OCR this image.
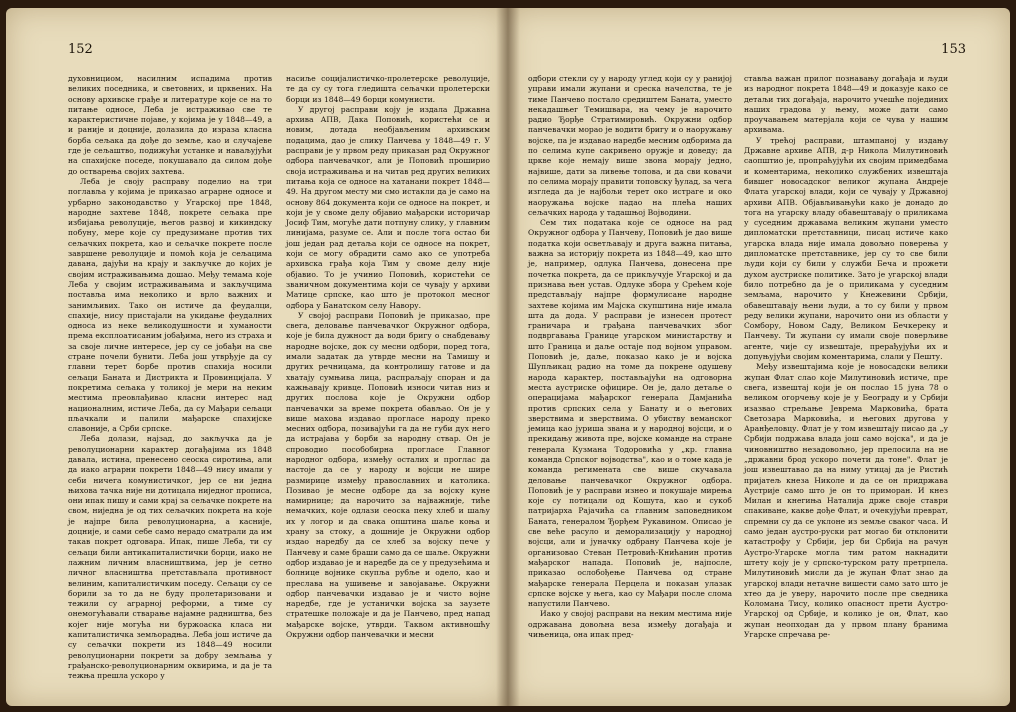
152

духовнициом, насилним испадима против великих поседника, и световних, и црквених. На основу архивске грађе и литературе које се на то питање односе, Леба је истраживао све те карактеристичне појаве, у којима је у 1848—49, а и раније и доцније, долазила до израза класна борба сељака да дође до земље, као и случајеве где је сељаштво, подижући устанке и наваљујући на спахијске поседе, покушавало да силом дође до остварења својих захтева.

Леба је своју расправу поделио на три поглавља у којима је приказао аграрне односе и урбарно законодавство у Угарској пре 1848, народне захтеве 1848, покрете сељака пре избијања револуције, његов развој и кикиндску побуну, мере које су предузимане против тих сељачких покрета, као и сељачке покрете после завршене револуције и помоћ која је сељацима давана, дајући на крају и закључке до којих је својим истраживањима дошао. Међу темама које Леба у својим истраживањима и закључцима поставља има неколико и врло важних и занимљивих. Тако он истиче да феудалци, спахије, нису пристајали на укидање феудалних односа из неке великодушности и хуманости према експлоатисаним јобађима, него из страха и за своје личне интересе, јер су се јобађи на све стране почели бунити. Леба још утврђује да су главни терет борбе против спахија носили сељаци Баната и Дистрикта и Провинцијала. У покретима сељака у толикој је мери на неким местима преовлађивао класни интерес над националним, истиче Леба, да су Мађари сељаци пљачкали и палили мађарске спахијске славоније, а Срби српске.

Леба долази, најзад, до закључка да је револуционарни карактер догађајима из 1848 давала, истина, пренесено сеоска сиротиња, али да иако аграрни покрети 1848—49 нису имали у себи ничега комунистичког, јер се ни једна њихова тачка није ни дотицала ниједног прописа, они ипак пишу и сами крај за сељачке покрете на свом, ниједна је од тих сељачких покрета на које је најпре била револуционарна, а касније, доцније, и сами себе само нерадо сматрали да им такав покрет одговара. Ипак, пише Леба, ти су сељаци били антикапиталистички борци, иако не лажним личним власништвима, јер је сетно личног власништва претстављала противност велиним, капиталистичким поседу. Сељаци су се борили за то да не буду пролетаризовани и тежили су аграрној реформи, а тиме су онемогућавали стварање најамне радништва, без којег није могућа ни буржоаска класа ни капиталистичка земљорадња. Леба још истиче да су сељачки покрети из 1848—49 носили револуционарни покрети за добру земљања у грађанско-револуционарним оквирима, и да је та тежња прешла ускоро у

насиље социјалистичко-пролетерске револуције, те да су су тога гледишта сељачки пролетерски борци из 1848—49 борци комунисти.

У другој расправи коју је издала Државна архива АПВ, Дака Поповић, користећи се и новим, дотада необјављеним архивским подацима, дао је слику Панчева у 1848—49 г. У расправи је у првом реду приказан рад Окружног одбора панчевачког, али је Поповић проширио своја истраживања и на читав ред других великих питања која се односе на хатанани покрет 1848—49. На другом месту ми смо истакли да је само на основу 864 документа који се односе на покрет, и који је у своме делу објавио мађарски историчар Јосиф Тим, могуће дати потпуну слику, у главним линијама, разуме се. Али и после тога остао би још један рад детаља који се односе на покрет, који се могу обрадити само ако се употреба архивска грађа која Тим у своме делу није објавио. То је учинио Поповић, користећи се званичном документима који се чувају у архиви Матице српске, као што је протокол месног одбора у Банатском селу Навору.

У својој расправи Поповић је приказао, пре свега, деловање панчевачког Окружног одбора, које је била дужност да води бригу о снабдевању народне војске, док су месни одбори, поред тога, имали задатак да утврде месни на Тамишу и других речницама, да контролишу гатове и да хватају сумњива лица, распраљају споран и да кажњавају кривце. Поповић износи читав низ и других послова које је Окружни одбор панчевачки за време покрета обављао. Он је у више махова издавао прогласе народу преко месних одбора, позивајући га да не губи дух него да истрајава у борби за народну ствар. Он је спроводио пособобирна прогласе Главног народног одбора, између осталих и проглас да настоје да се у народу и војсци не шире размирице између православних и католика. Позивао је месне одборе да за војску куне намирнице; да нарочито за најважније, тиће немачких, које одлази сеоска пеку хлеб и шаљу их у логор и да свака општина шаље коња и храну за стоку, а дошније је Окружни одбор издао наредбу да се хлеб за војску пече у Панчеву и саме браши само да се шаље. Окружни одбор издавао је и наредбе да се у предузећима и болнице војнике скупља рубље и одело, као и преслава на ушивење и завојавање. Окружни одбор панчевачки издавао је и чисто војне наредбе, где је устанички војска за заузете стратешке положаје и да је Панчево, пред напад мађарске војске, утврди. Таквом активношћу Окружни одбор панчевачки и месни

153

одбори стекли су у народу углед који су у ранијој управи имали жупани и среска начелства, те је тиме Панчево постало средиштем Баната, уместо некадашњег Темишвара, на чему је нарочито радио Ђорђе Стратимировић. Окружни одбор панчевачки морао је водити бригу и о наоружању војске, па је издавао наредбе месним одборима да по селима купе сакривено оружје и доведу; да цркве које немају више звона морају једно, највише, дати за ливење топова, и да сви ковачи по селима морају правити топовску ђулад, за чега изгледа да је најбољи терет око истраге и око наоружања војске падао на плећа наших сељачких народа у тадашњој Војводини.

Сем тих података које се односе на рад Окружног одбора у Панчеву, Поповић је дао више податка који осветљавају и друга важна питања, важна за историју покрета из 1848—49, као што је, например, одлука Панчева, донесена пре почетка покрета, да се прикључује Угарској и да признава њен устав. Одлуке збора у Срећем које представљају најпре формулисане народне захтеве којима им Мајска скупштина није имала шта да дода. У расправи је изнесен протест граничара и грађана панчевачких због подвргавања Границе угарском министарству и што Граница и даље остаје под војном управом. Поповић је, даље, показао како је и војска Шупљикац радио на томе да покрене одушеву народа карактер, постављајући на одговорна места аустриске официре. Он је, дало детаље о операцијама мађарског генерала Дамјанића против српских села у Банату и о његових зверствима и зверствима. О убиству веманског јемица као јуриша звана и у народној војсци, и о прекидању живота пре, војске команде на стране генерала Кузмана Тодоровића у „кр. главна команда Српског војводства", као и о томе када је команда регимената све више скучавала деловање панчевачког Окружног одбора. Поповић је у расправи изнео и покушаје мирења које су потицали од Кошута, као и сукоб патријарха Рајачића са главним заповедником Баната, генералом Ђорђем Рукавином. Описао је све веће расуло и деморализацију у народној војсци, али и јуначку одбрану Панчева које је организовао Стеван Петровић-Книћанин против мађарског напада. Поповић је, најпосле, приказао ослобођење Панчева од стране мађарске генерала Перцела и показан улазак српске војске у њега, као су Мађари после слома напустили Панчево.

Иако у својој расправи на неким местима није одржавана довољна веза између догађаја и чињеница, она ипак пред-

ставља важан прилог познавању догађаја и људи из народног покрета 1848—49 и доказује како се детаљи тих догађаја, нарочито учешће појединих наших градова у њему, може дати само проучавањем матерјала који се чува у нашим архивама.

У трећој расправи, штампаној у издању Државне архиве АПВ, д-р Никола Милутиновић саопштио је, пропраћујући их својим примедбама и коментарима, неколико службених извештаја бившег новосадског великог жупана Андреје Флата угарској влади, који се чувају у Државној архиви АПВ. Објављивањући како је донадо до тога на угарску владу обавештавају о приликама у суседним државама великим жупани уместо дипломатски претставници, писац истиче како угарска влада није имала довољно поверења у дипломатске претставнике, јер су то све били људи који су били у служби Беча и прожети духом аустриске политике. Зато је угарској влади било потребно да је о приликама у суседним земљама, нарочито у Кнежевини Србији, обавештавају њени људи, а то су били у првом реду велики жупани, нарочито они из области у Сомбору, Новом Саду, Великом Бечкереку и Панчеву. Ти жупани су имали своје поверљиве агенте, чије су извештаје, прерађујући их и допуњујући својим коментарима, слали у Пешту.

Међу извештајима које је новосадски велики жупан Флат слао које Милутиновић истиче, пре свега, извештај који је он послао 15 јуна 78 о великом огорчењу које је у Београду и у Србији изазвао стрељање Јеврема Марковића, брата Светозара Марковића, и његових другова у Аранђеловцу. Флат је у том извештају писао да „у Србији подржава влада још само војска", и да је чиновништво незадовољно, јер прелосила на не „државни брод ускоро почети да тоне". Флат је још извештавао да на ниму утицај да је Ристић пријатељ кнеза Николе и да се он придржава Аустрије само што је он то приморан. И кнез Милан и кнегиња Наталија држе своје ставри спакиване, какве дође Флат, и очекујући преврат, спремни су да се уклоне из земље сваког часа. И само један аустро-руски рат могао би отклонити катастрофу у Србији, јер би Србија на рачун Аустро-Угарске могла тим ратом накнадити штету коју је у српско-турском рату претрпела. Милутиновић мисли да је жупан Флат знао да угарској влади нетачне вишести само зато што је хтео да је уверу, нарочито после пре сведника Коломана Тису, колико опасност прети Аустро-Угарској од Србије, и колико је он, Флат, као жупан неопходан да у првом плану бранима Угарске спречава ре-
